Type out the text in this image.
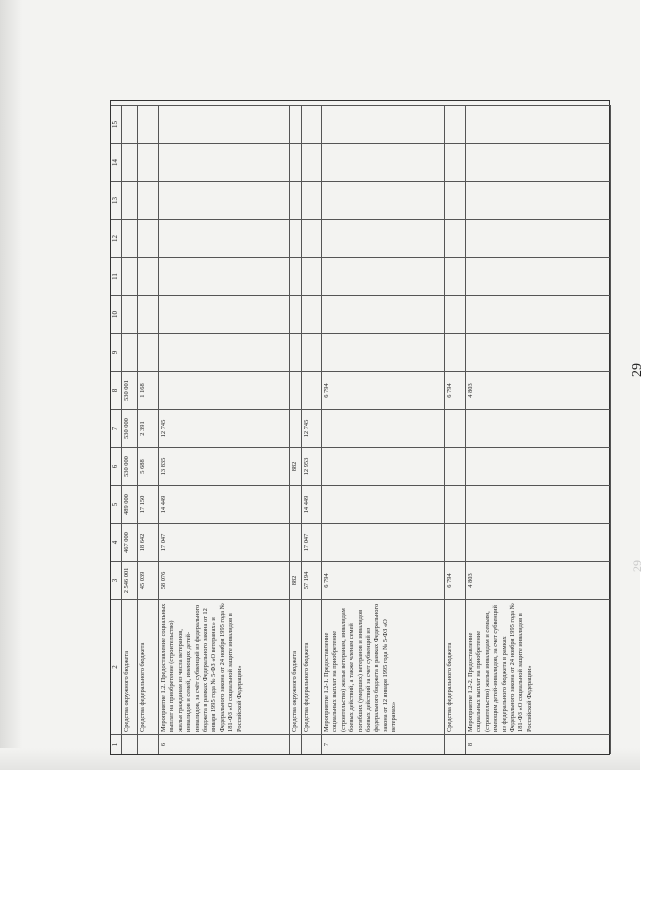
29
29
1
2
3
4
5
6
7
8
9
10
11
12
13
14
15
Средства окружного бюджета
2 546 001
467 000
489 000
530 000
530 000
530 001
Средства федерального бюджета
45 039
18 642
17 150
5 688
2 391
1 168
6
Мероприятие 1.2. Предоставление социальных выплат на приобретение (строительство) жилья гражданам из числа ветеранов, инвалидов и семей, имеющих детей-инвалидов, за счёт субвенций из федерального бюджета в рамках Федерального закона от 12 января 1995 года № 5-ФЗ «О ветеранах» и Федерального закона от 24 ноября 1995 года № 181-ФЗ «О социальной защите инвалидов в Российской Федерации»
58 076
17 047
14 449
13 835
12 745
Средства окружного бюджета
882
882
Средства федерального бюджета
57 194
17 047
14 449
12 953
12 745
7
Мероприятие 1.2-1. Предоставление социальных выплат на приобретение (строительство) жилья ветеранам, инвалидам боевых действий, а также членам семей погибших (умерших) ветеранов и инвалидов боевых действий за счет субвенций из федерального бюджета в рамках Федерального закона от 12 января 1995 года № 5-ФЗ «О ветеранах»
6 794
6 794
Средства федерального бюджета
6 794
6 794
8
Мероприятие 1.2-2. Предоставление социальных выплат на приобретение (строительство) жилья инвалидам и семьям, имеющим детей-инвалидов, за счет субвенций из федерального бюджета в рамках Федерального закона от 24 ноября 1995 года № 181-ФЗ «О социальной защите инвалидов в Российской Федерации»
4 803
4 803
